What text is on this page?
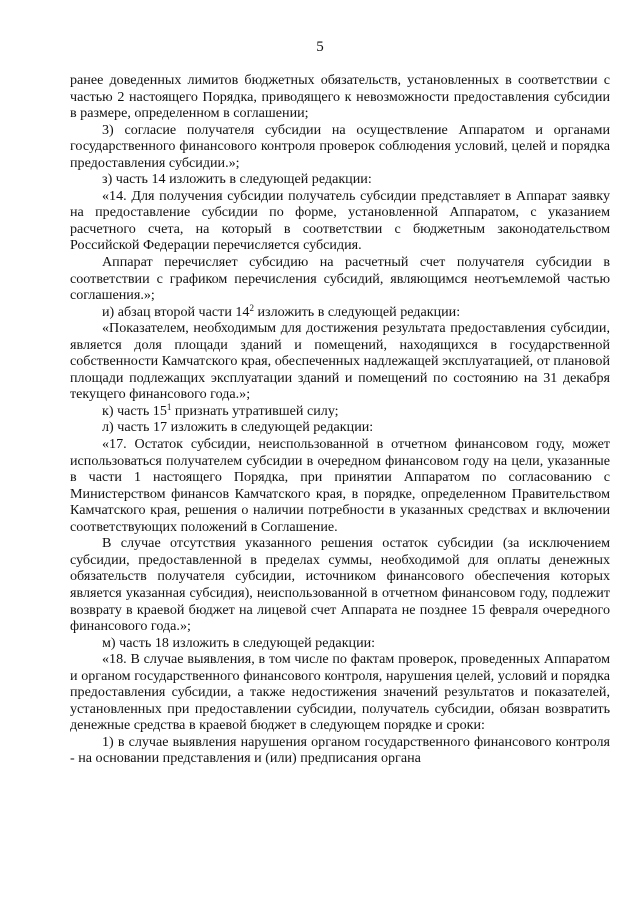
5

ранее доведенных лимитов бюджетных обязательств, установленных в соответствии с частью 2 настоящего Порядка, приводящего к невозможности предоставления субсидии в размере, определенном в соглашении;

3) согласие получателя субсидии на осуществление Аппаратом и органами государственного финансового контроля проверок соблюдения условий, целей и порядка предоставления субсидии.»;

з) часть 14 изложить в следующей редакции:

«14. Для получения субсидии получатель субсидии представляет в Аппарат заявку на предоставление субсидии по форме, установленной Аппаратом, с указанием расчетного счета, на который в соответствии с бюджетным законодательством Российской Федерации перечисляется субсидия.

Аппарат перечисляет субсидию на расчетный счет получателя субсидии в соответствии с графиком перечисления субсидий, являющимся неотъемлемой частью соглашения.»;

и) абзац второй части $14^2$ изложить в следующей редакции:

«Показателем, необходимым для достижения результата предоставления субсидии, является доля площади зданий и помещений, находящихся в государственной собственности Камчатского края, обеспеченных надлежащей эксплуатацией, от плановой площади подлежащих эксплуатации зданий и помещений по состоянию на 31 декабря текущего финансового года.»;

к) часть $15^1$ признать утратившей силу;

л) часть 17 изложить в следующей редакции:

«17. Остаток субсидии, неиспользованной в отчетном финансовом году, может использоваться получателем субсидии в очередном финансовом году на цели, указанные в части 1 настоящего Порядка, при принятии Аппаратом по согласованию с Министерством финансов Камчатского края, в порядке, определенном Правительством Камчатского края, решения о наличии потребности в указанных средствах и включении соответствующих положений в Соглашение.

В случае отсутствия указанного решения остаток субсидии (за исключением субсидии, предоставленной в пределах суммы, необходимой для оплаты денежных обязательств получателя субсидии, источником финансового обеспечения которых является указанная субсидия), неиспользованной в отчетном финансовом году, подлежит возврату в краевой бюджет на лицевой счет Аппарата не позднее 15 февраля очередного финансового года.»;

м) часть 18 изложить в следующей редакции:

«18. В случае выявления, в том числе по фактам проверок, проведенных Аппаратом и органом государственного финансового контроля, нарушения целей, условий и порядка предоставления субсидии, а также недостижения значений результатов и показателей, установленных при предоставлении субсидии, получатель субсидии, обязан возвратить денежные средства в краевой бюджет в следующем порядке и сроки:

1) в случае выявления нарушения органом государственного финансового контроля - на основании представления и (или) предписания органа
